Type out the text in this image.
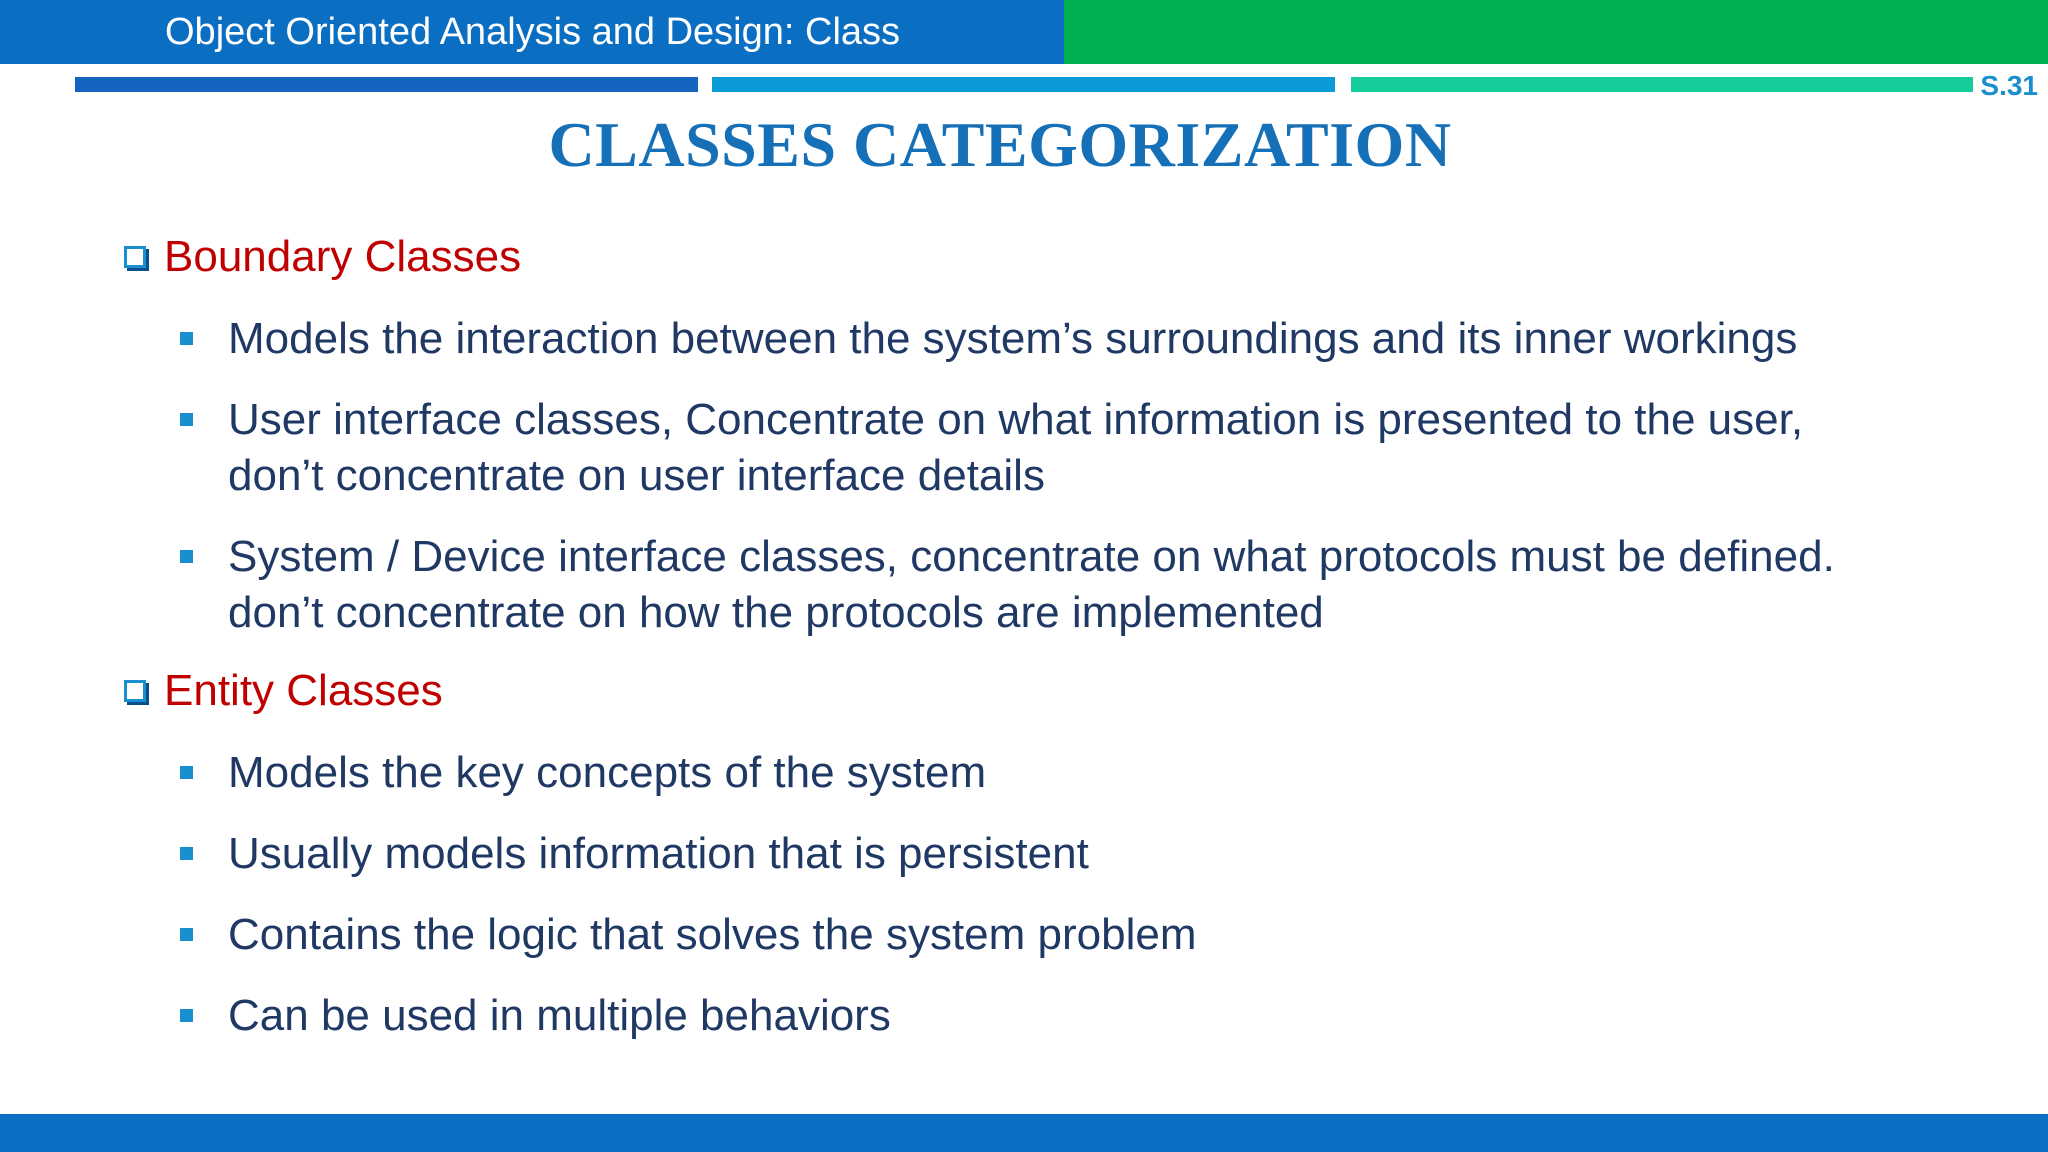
Object Oriented Analysis and Design: Class
S.31
CLASSES CATEGORIZATION
Boundary Classes
Models the interaction between the system’s surroundings and its inner workings
User interface classes, Concentrate on what information is presented to the user,
don’t concentrate on user interface details
System / Device interface classes, concentrate on what protocols must be defined.
don’t concentrate on how the protocols are implemented
Entity Classes
Models the key concepts of the system
Usually models information that is persistent
Contains the logic that solves the system problem
Can be used in multiple behaviors
